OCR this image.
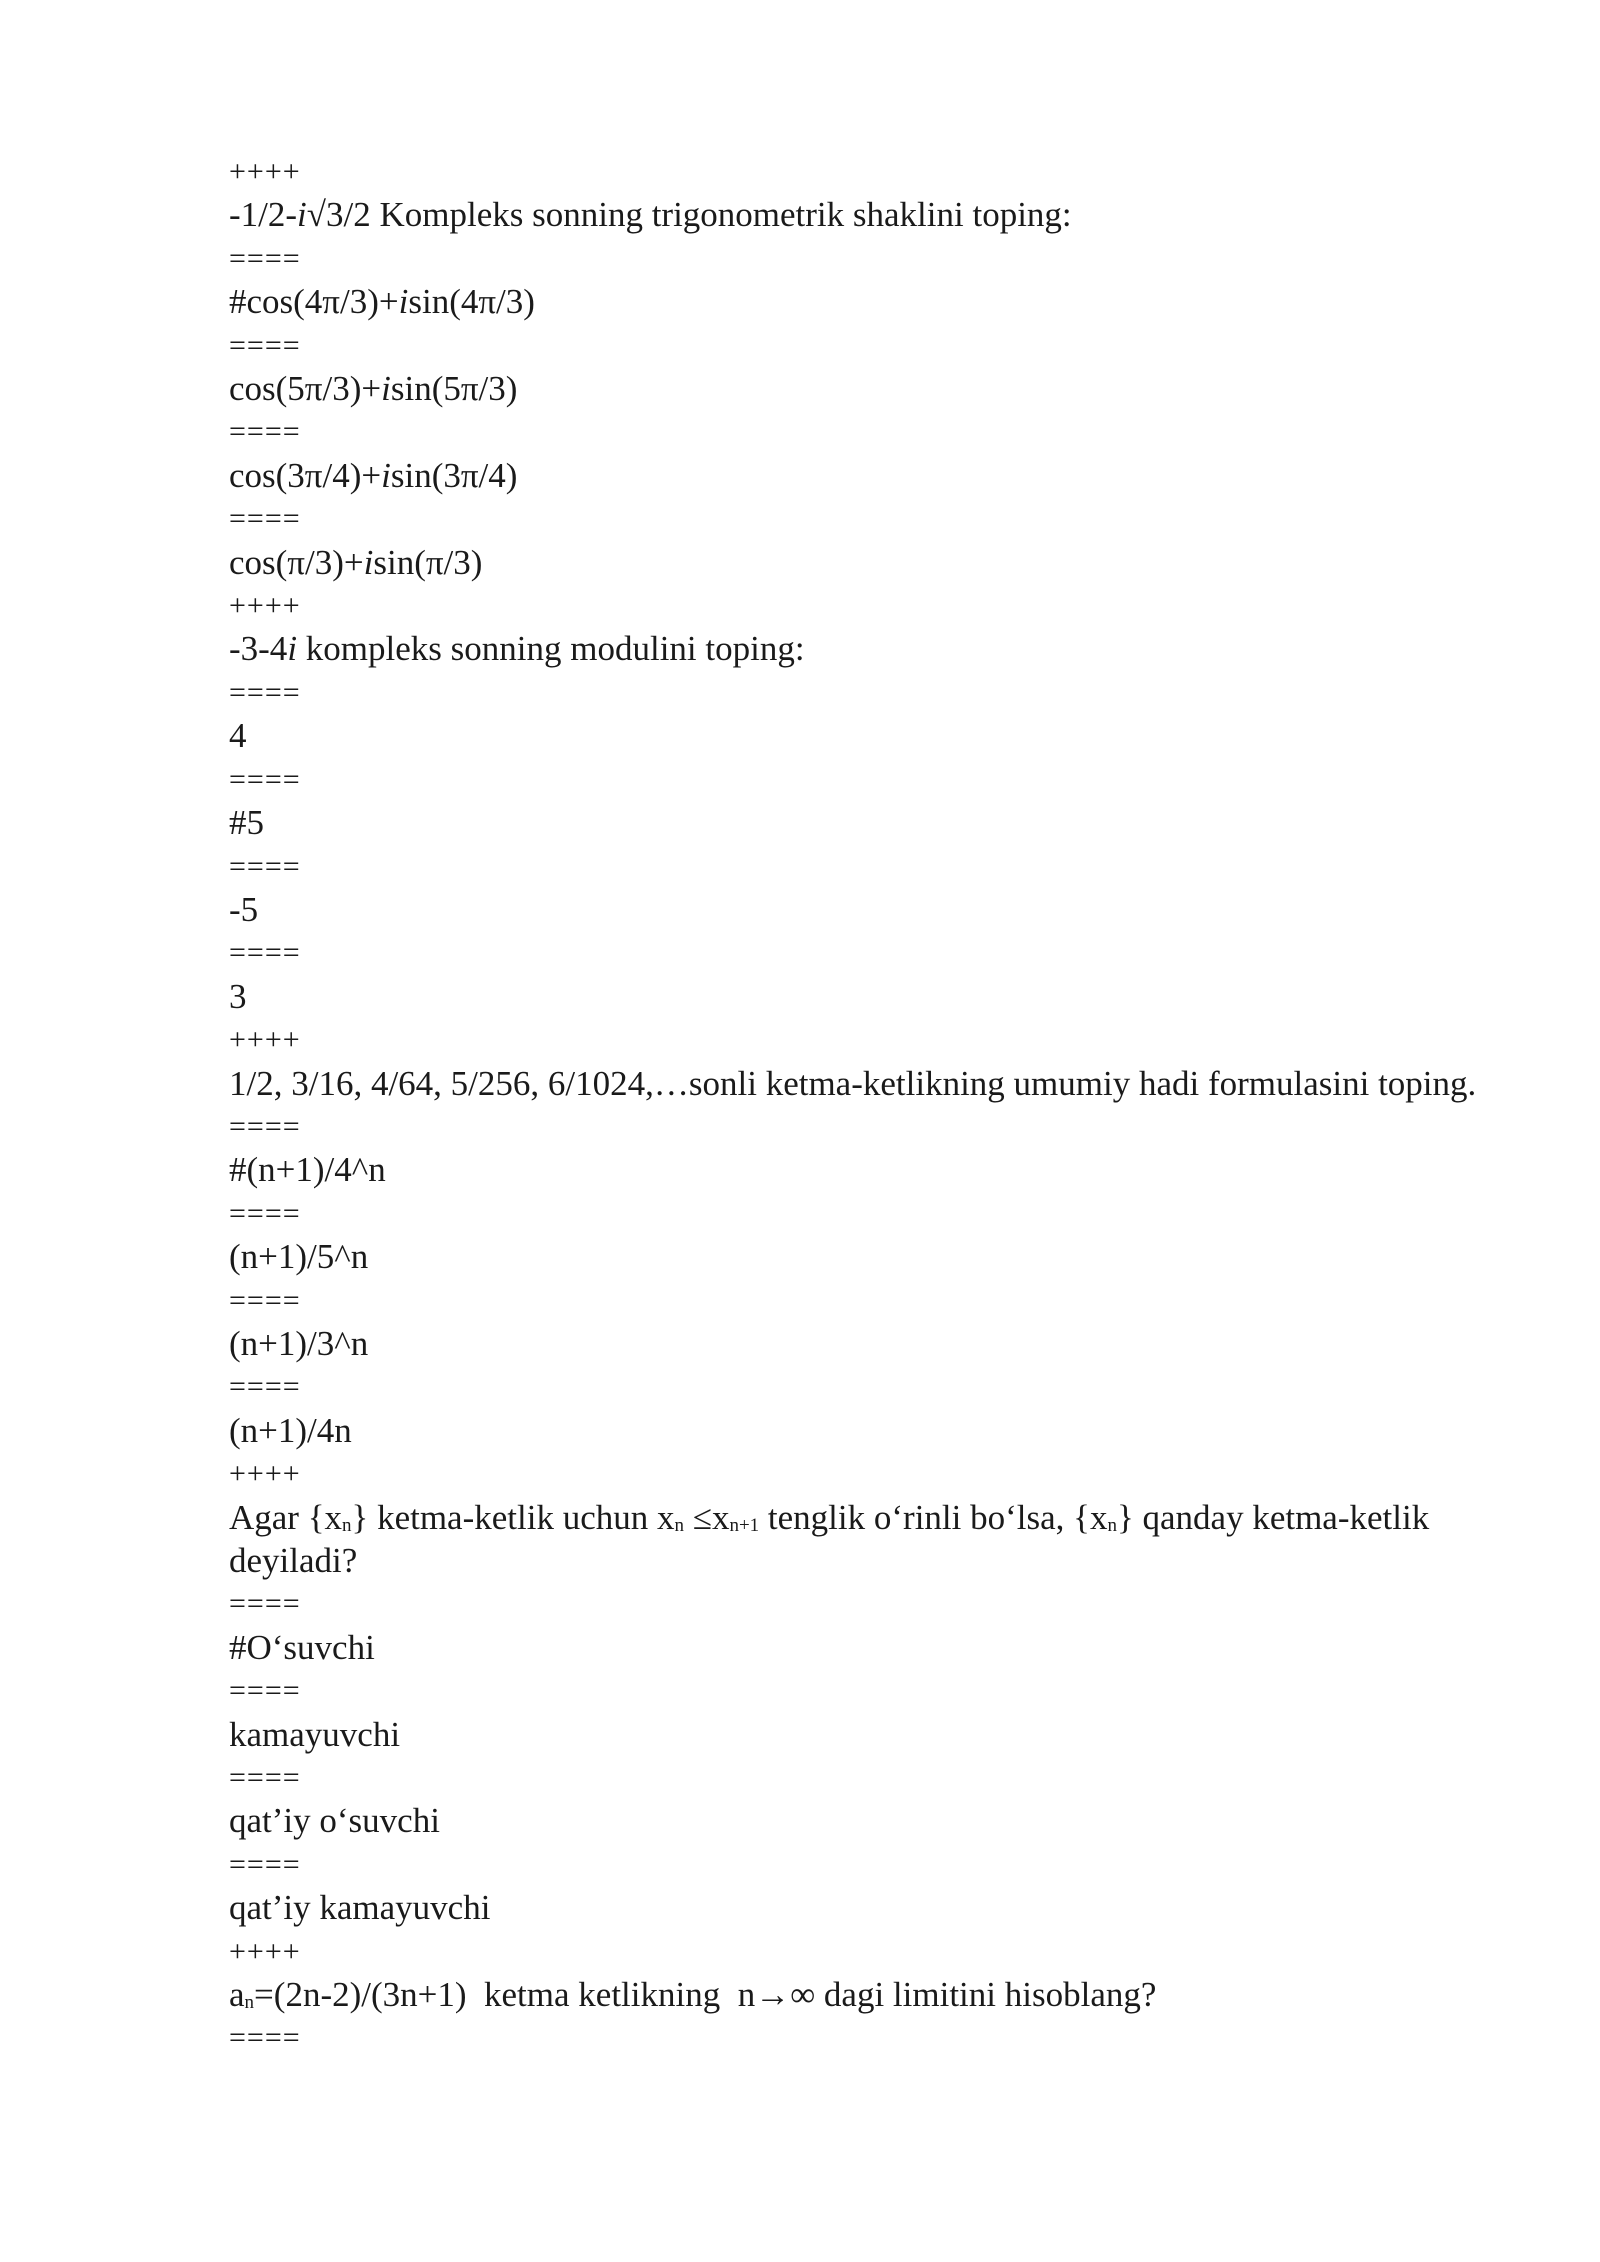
++++
-1/2-i√3/2 Kompleks sonning trigonometrik shaklini toping:
====
#cos(4π/3)+isin(4π/3)
====
cos(5π/3)+isin(5π/3)
====
cos(3π/4)+isin(3π/4)
====
cos(π/3)+isin(π/3)
++++
-3-4i kompleks sonning modulini toping:
====
4
====
#5
====
-5
====
3
++++
1/2, 3/16, 4/64, 5/256, 6/1024,…sonli ketma-ketlikning umumiy hadi formulasini toping.
====
#(n+1)/4^n
====
(n+1)/5^n
====
(n+1)/3^n
====
(n+1)/4n
++++
Agar $\{x_n\}$ ketma-ketlik uchun $x_n \le x_{n+1}$ tenglik o‘rinli bo‘lsa, $\{x_n\}$ qanday ketma-ketlik deyiladi?
====
#O‘suvchi
====
kamayuvchi
====
qat’iy o‘suvchi
====
qat’iy kamayuvchi
++++
$a_n=(2n-2)/(3n+1)$  ketma ketlikning  n→∞ dagi limitini hisoblang?
====
